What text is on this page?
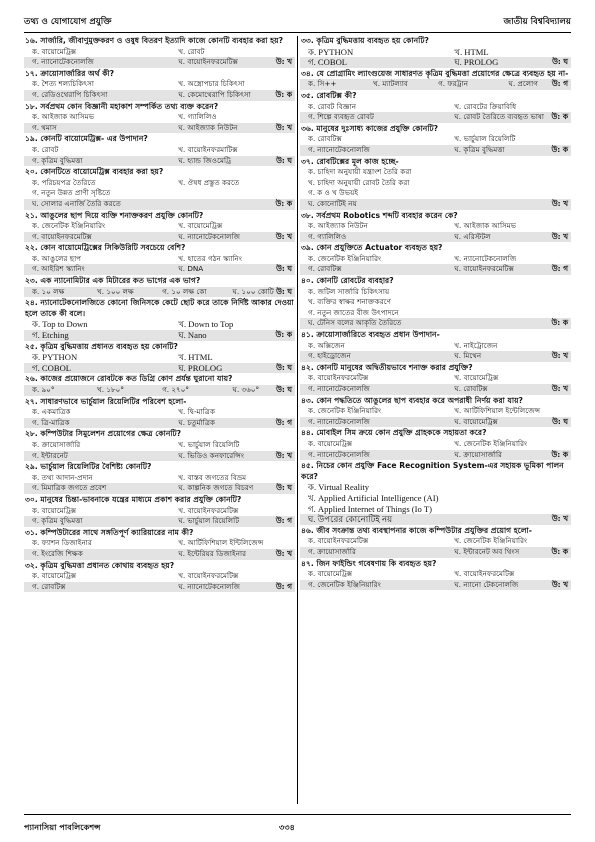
তথ্য ও যোগাযোগ প্রযুক্তি	জাতীয় বিশ্ববিদ্যালয়
১৬. সার্জারি, জীবাণুমুক্তকরণ ও ওষুধ বিতরণ ইত্যাদি কাজে কোনটি ব্যবহার করা হয়?
ক. বায়োমেট্রিক্স	খ. রোবট
গ. ন্যানোটেকনোলজি	ঘ. বায়োইনফরমেটিক্স	উ: খ
১৭. ক্রায়োসার্জারির অর্থ কী?
ক. শৈত্য শল্যচিকিৎসা	খ. অস্ত্রোপচার চিকিৎসা
গ. রেডিওথেরাপি চিকিৎসা	ঘ. কেমোথেরাপি চিকিৎসা	উ: ক
১৮. সর্বপ্রথম কোন বিজ্ঞানী মহাকাশ সম্পর্কিত তথ্য ব্যক্ত করেন?
ক. আইজাক আসিমভ	খ. গ্যালিলিও
গ. থমাস	ঘ. আইজ্যাক নিউটন	উ: খ
১৯. কোনটি বায়োমেট্রিক্স- এর উপাদান?
ক. রোবট	খ. বায়োইনফরমাটিক্স
গ. কৃত্রিম বুদ্ধিমত্তা	ঘ. হ্যান্ড জিওমেট্রি	উ: ঘ
২০. কোনটিতে বায়োমেট্রিক্স ব্যবহার করা হয়?
ক. পরিচয়পত্র তৈরিতে	খ. ঔষধ প্রস্তুত করতে
গ. নতুন উন্নত প্রাণী সৃষ্টিতে
ঘ. সোলার এনার্জি তৈরি করতে	উ: ক
২১. আঙুলের ছাপ দিয়ে ব্যক্তি শনাক্তকরণ প্রযুক্তি কোনটি?
ক. জেনেটিক ইঞ্জিনিয়ারিং	খ. বায়োমেট্রিক্স
গ. বায়োইনফরমেটিক্স	ঘ. ন্যানোটেকনোলজি	উ: খ
২২. কোন বায়োমেট্রিক্সের সিকিউরিটি সবচেয়ে বেশি?
ক. আঙুলের ছাপ	খ. হাতের গঠন স্ক্যানিং
গ. আইরিশ স্ক্যানিং	ঘ. DNA	উ: ঘ
২৩. এক ন্যানোমিটার এক মিটারের কত ভাগের এক ভাগ?
ক. ১০ লক্ষ	খ. ১০০ লক্ষ	গ. ১০ লক্ষ কো	ঘ. ১০০ কোটি উ: ঘ
২৪. ন্যানোটেকনোলজিতে কোনো জিনিসকে কেটে ছোট করে তাকে নির্দিষ্ট আকার দেওয়া হলে তাকে কী বলে।
ক. Top to Down	খ. Down to Top
গ. Etching	ঘ. Nano	উ: ক
২৫. কৃত্রিম বুদ্ধিমত্তায় প্রধানত ব্যবহৃত হয় কোনটি?
ক. PYTHON	খ. HTML
গ. COBOL	ঘ. PROLOG	উ: ঘ
২৬. কাজের প্রয়োজনে রোবটকে কত ডিগ্রি কোণ প্রর্যন্ত ঘুরানো যায়?
ক. ৯০°	খ. ১৮০°	গ. ২৭০°	ঘ. ৩৬০°	উ: ঘ
২৭. সাধারণভাবে ভার্চুয়াল রিয়েলিটির পরিবেশ হলো-
ক. একমাত্রিক	খ. দ্বি-মাত্রিক
গ. ত্রি-মাত্রিক	ঘ. চতুর্মাত্রিক	উ: গ
২৮. কম্পিউটার সিমুলেশন প্রয়োগের ক্ষেত্র কোনটি?
ক. ক্রায়োসার্জারি	খ. ভার্চুয়াল রিয়েলিটি
গ. ইন্টারনেট	ঘ. ভিডিও কনফারেন্সিং	উ: খ
২৯. ভার্চুয়াল রিয়েলিটির বৈশিষ্ট্য কোনটি?
ক. তথ্য আদান-প্রদান	খ. বাস্তব জগতের বিভ্রম
গ. মিমাত্রিক জগতে প্রবেশ	ঘ. কাল্পনিক জগতে বিচরণ	উ: ঘ
৩০. মানুষের চিন্তা-ভাবনাকে যন্ত্রের মাধ্যমে প্রকাশ করার প্রযুক্তি কোনটি?
ক. বায়োমেট্রিক্স	খ. বায়োইনফরমেটিক্স
গ. কৃত্রিম বুদ্ধিমত্তা	ঘ. ভার্চুয়াল রিয়েলিটি	উ: গ
৩১. কম্পিউটারের সাথে সঙ্গতিপূর্ণ ক্যারিয়ারের নাম কী?
ক. ফ্যাশন ডিজাইনার	খ. আর্টিফিশিয়াল ইন্টিলিজেন্স
গ. ইংরেজি শিক্ষক	ঘ. ইন্টেরিয়র ডিজাইনার	উ: খ
৩২. কৃত্রিম বুদ্ধিমত্তা প্রধানত কোথায় ব্যবহৃত হয়?
ক. বায়োমেট্রিক্স	খ. বায়োইনফরমেটিক্স
গ. রোবটিক্স	ঘ. ন্যানোটেকনোলজি	উ: গ
৩৩. কৃত্রিম বুদ্ধিমত্তায় ব্যবহৃত হয় কোনটি?
ক. PYTHON	খ. HTML
গ. COBOL	ঘ. PROLOG	উ: ঘ
৩৪. যে প্রোগ্রামিং ল্যাংগুয়েজ সাধারণত কৃত্রিম বুদ্ধিমত্তা প্রয়োগের ক্ষেত্রে ব্যবহৃত হয় না-
ক. সি++	খ. ম্যাটল্যাব	গ. ফরট্রান	ঘ. প্রলোগ	উ: গ
৩৫. রোবটিক্স কী?
ক. রোবট বিজ্ঞান	খ. রোবটের ক্রিয়াবিধি
গ. শিল্পে ব্যবহৃত রোবট	ঘ. রোবট তৈরিতে ব্যবহৃত ভাষা	উ: ক
৩৬. মানুষের দুঃসাধ্য কাজের প্রযুক্তি কোনটি?
ক. রোবটিক্স	খ. ভার্চুয়াল রিয়েলিটি
গ. ন্যানোটেকনোলজি	ঘ. কৃত্রিম বুদ্ধিমত্তা	উ: ক
৩৭. রোবটিক্সের মূল কাজ হচ্ছে-
ক. চাহিদা অনুযায়ী যন্ত্রাংশ তৈরি করা
খ. চাহিদা অনুযায়ী রোবট তৈরি করা
গ. ক ও খ উভয়ই
ঘ. কোনোটিই নয়	উ: খ
৩৮. সর্বপ্রথম Robotics শব্দটি ব্যবহার করেন কে?
ক. আইজ্যাক নিউটন	খ. আইজাক আসিমভ
গ. গ্যালিলিও	ঘ. এরিস্টটল	উ: খ
৩৯. কোন প্রযুক্তিতে Actuator ব্যবহৃত হয়?
ক. জেনেটিক ইঞ্জিনিয়ারিং	খ. ন্যানোটেকনোলজি
গ. রোবটিক্স	ঘ. বায়োইনফরমেটিক্স	উ: গ
৪০. কোনটি রোবটের ব্যবহার?
ক. জটিল সার্জারি চিকিৎসায়
খ. ব্যক্তির স্বাক্ষর শনাক্তকরণে
গ. নতুন জাতের বীজ উৎপাদনে
ঘ. টেনিস বলের আকৃতি তৈরিতে	উ: ক
৪১. ক্রায়োসার্জারিতে ব্যবহৃত প্রধান উপাদান-
ক. অক্সিজেন	খ. নাইট্রোজেন
গ. হাইড্রোজেন	ঘ. মিথেন	উ: খ
৪২. কোনটি মানুষের অদ্বিতীয়ভাবে শনাক্ত করার প্রযুক্তি?
ক. বায়োইনফরমেটিক্স	খ. বায়োমেট্রিক্স
গ. ন্যানোটেকনোলজি	ঘ. রোবটিক্স	উ: খ
৪৩. কোন পদ্ধতিতে আঙুলের ছাপ ব্যবহার করে অপরাধী নির্ণয় করা যায়?
ক. জেনেটিক ইঞ্জিনিয়ারিং	খ. আর্টিফিশিয়াল ইন্টেলিজেন্স
গ. ন্যানোটেকনোলজি	ঘ. বায়োমেট্রিক্স	উ: ঘ
৪৪. মোবাইল সিম ক্রয়ে কোন প্রযুক্তি গ্রাহককে সহায়তা করে?
ক. বায়োমেট্রিক্স	খ. জেনেটিক ইঞ্জিনিয়ারিং
গ. ন্যানোটেকনোলজি	ঘ. ক্রায়োসার্জারি	উ: ক
৪৫. নিচের কোন প্রযুক্তি Face Recognition System-এর সহায়ক ভূমিকা পালন করে?
ক. Virtual Reality
খ. Applied Artificial Intelligence (AI)
গ. Applied Internet of Things (Io T)
ঘ. উপরের কোনোটিই নয়	উ: খ
৪৬. জীব সংক্রান্ত তথ্য ব্যবস্থাপনার কাজে কম্পিউটার প্রযুক্তির প্রয়োগ হলো-
ক. বায়োইনফরমেটিক্স	খ. জেনেটিক ইঞ্জিনিয়ারিং
গ. ক্রায়োসার্জারি	ঘ. ইন্টারনেট অব থিংস	উ: ক
৪৭. জিন ফাইন্ডিং গবেষণায় কি ব্যবহৃত হয়?
ক. বায়োমেট্রিক্স	খ. বায়োইনফরমেটিক্স
গ. জেনেটিক ইঞ্জিনিয়ারিং	ঘ. ন্যানো টেকনোলজি	উ: খ
প্যানাসিয়া পাবলিকেশন্স	৩৩৪
